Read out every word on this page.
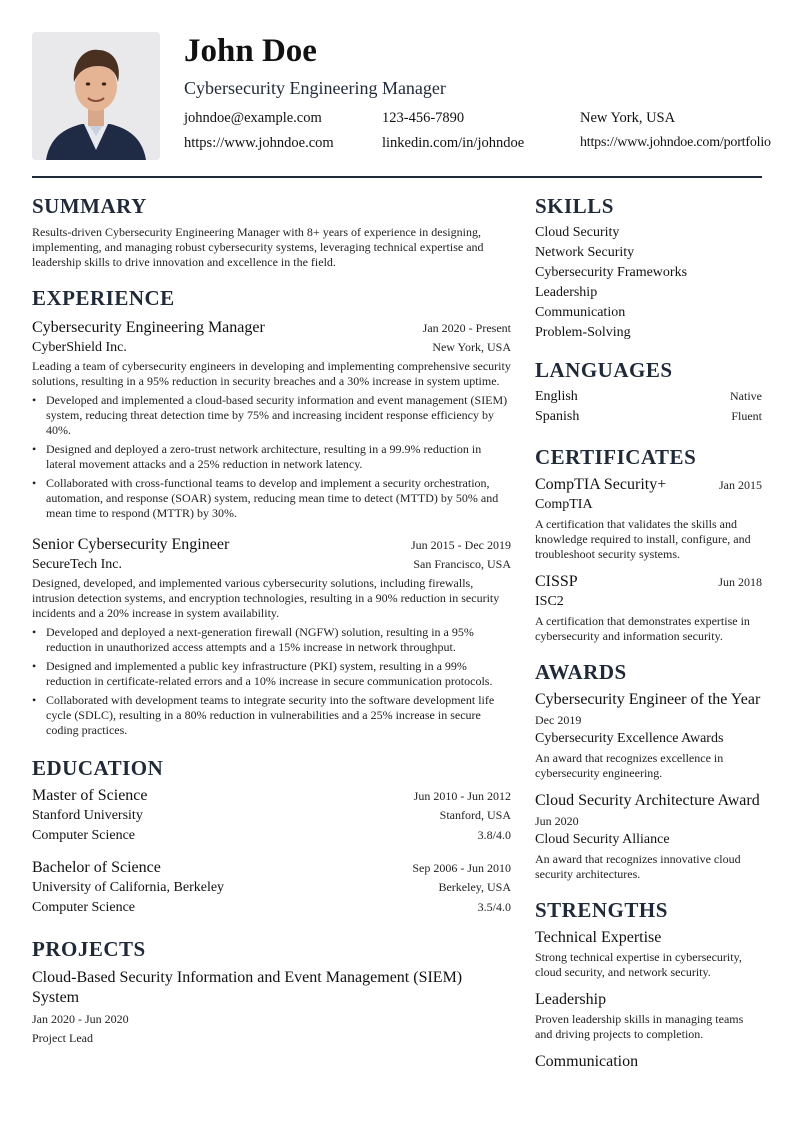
John Doe
Cybersecurity Engineering Manager
johndoe@example.com	123-456-7890	New York, USA
https://www.johndoe.com	linkedin.com/in/johndoe	https://www.johndoe.com/portfolio
SUMMARY

Results-driven Cybersecurity Engineering Manager with 8+ years of experience in designing, implementing, and managing robust cybersecurity systems, leveraging technical expertise and leadership skills to drive innovation and excellence in the field.

EXPERIENCE
Cybersecurity Engineering Manager	Jan 2020 - Present
CyberShield Inc.	New York, USA

Leading a team of cybersecurity engineers in developing and implementing comprehensive security solutions, resulting in a 95% reduction in security breaches and a 30% increase in system uptime.

• Developed and implemented a cloud-based security information and event management (SIEM) system, reducing threat detection time by 75% and increasing incident response efficiency by 40%.
• Designed and deployed a zero-trust network architecture, resulting in a 99.9% reduction in lateral movement attacks and a 25% reduction in network latency.
• Collaborated with cross-functional teams to develop and implement a security orchestration, automation, and response (SOAR) system, reducing mean time to detect (MTTD) by 50% and mean time to respond (MTTR) by 30%.
Senior Cybersecurity Engineer	Jun 2015 - Dec 2019
SecureTech Inc.	San Francisco, USA

Designed, developed, and implemented various cybersecurity solutions, including firewalls, intrusion detection systems, and encryption technologies, resulting in a 90% reduction in security incidents and a 20% increase in system availability.

• Developed and deployed a next-generation firewall (NGFW) solution, resulting in a 95% reduction in unauthorized access attempts and a 15% increase in network throughput.
• Designed and implemented a public key infrastructure (PKI) system, resulting in a 99% reduction in certificate-related errors and a 10% increase in secure communication protocols.
• Collaborated with development teams to integrate security into the software development life cycle (SDLC), resulting in a 80% reduction in vulnerabilities and a 25% increase in secure coding practices.
EDUCATION
Master of Science	Jun 2010 - Jun 2012
Stanford University	Stanford, USA
Computer Science	3.8/4.0
Bachelor of Science	Sep 2006 - Jun 2010
University of California, Berkeley	Berkeley, USA
Computer Science	3.5/4.0
PROJECTS
Cloud-Based Security Information and Event Management (SIEM) System
Jan 2020 - Jun 2020
Project Lead
SKILLS
Cloud Security
Network Security
Cybersecurity Frameworks
Leadership
Communication
Problem-Solving
LANGUAGES
English	Native
Spanish	Fluent
CERTIFICATES
CompTIA Security+	Jan 2015
CompTIA

A certification that validates the skills and knowledge required to install, configure, and troubleshoot security systems.

CISSP	Jun 2018
ISC2

A certification that demonstrates expertise in cybersecurity and information security.

AWARDS
Cybersecurity Engineer of the Year
Dec 2019
Cybersecurity Excellence Awards

An award that recognizes excellence in cybersecurity engineering.

Cloud Security Architecture Award
Jun 2020
Cloud Security Alliance

An award that recognizes innovative cloud security architectures.

STRENGTHS
Technical Expertise

Strong technical expertise in cybersecurity, cloud security, and network security.

Leadership

Proven leadership skills in managing teams and driving projects to completion.

Communication
